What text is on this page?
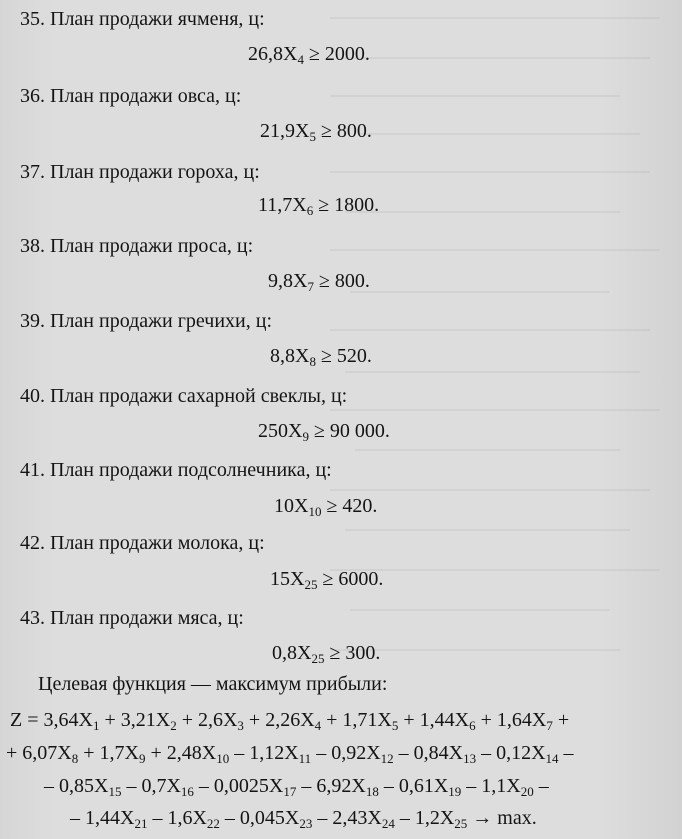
35. План продажи ячменя, ц:
$26,8X_4 \ge 2000$.
36. План продажи овса, ц:
$21,9X_5 \ge 800$.
37. План продажи гороха, ц:
$11,7X_6 \ge 1800$.
38. План продажи проса, ц:
$9,8X_7 \ge 800$.
39. План продажи гречихи, ц:
$8,8X_8 \ge 520$.
40. План продажи сахарной свеклы, ц:
$250X_9 \ge 90$ 000.
41. План продажи подсолнечника, ц:
$10X_{10} \ge 420$.
42. План продажи молока, ц:
$15X_{25} \ge 6000$.
43. План продажи мяса, ц:
$0,8X_{25} \ge 300$.
Целевая функция — максимум прибыли:
$Z = 3,64X_1 + 3,21X_2 + 2,6X_3 + 2,26X_4 + 1,71X_5 + 1,44X_6 + 1,64X_7$ +
+ $6,07X_8 + 1,7X_9 + 2,48X_{10} - 1,12X_{11} - 0,92X_{12} - 0,84X_{13} - 0,12X_{14}$ –
– $0,85X_{15} - 0,7X_{16} - 0,0025X_{17} - 6,92X_{18} - 0,61X_{19} - 1,1X_{20}$ –
– $1,44X_{21} - 1,6X_{22} - 0,045X_{23} - 2,43X_{24} - 1,2X_{25} \to \max$.
